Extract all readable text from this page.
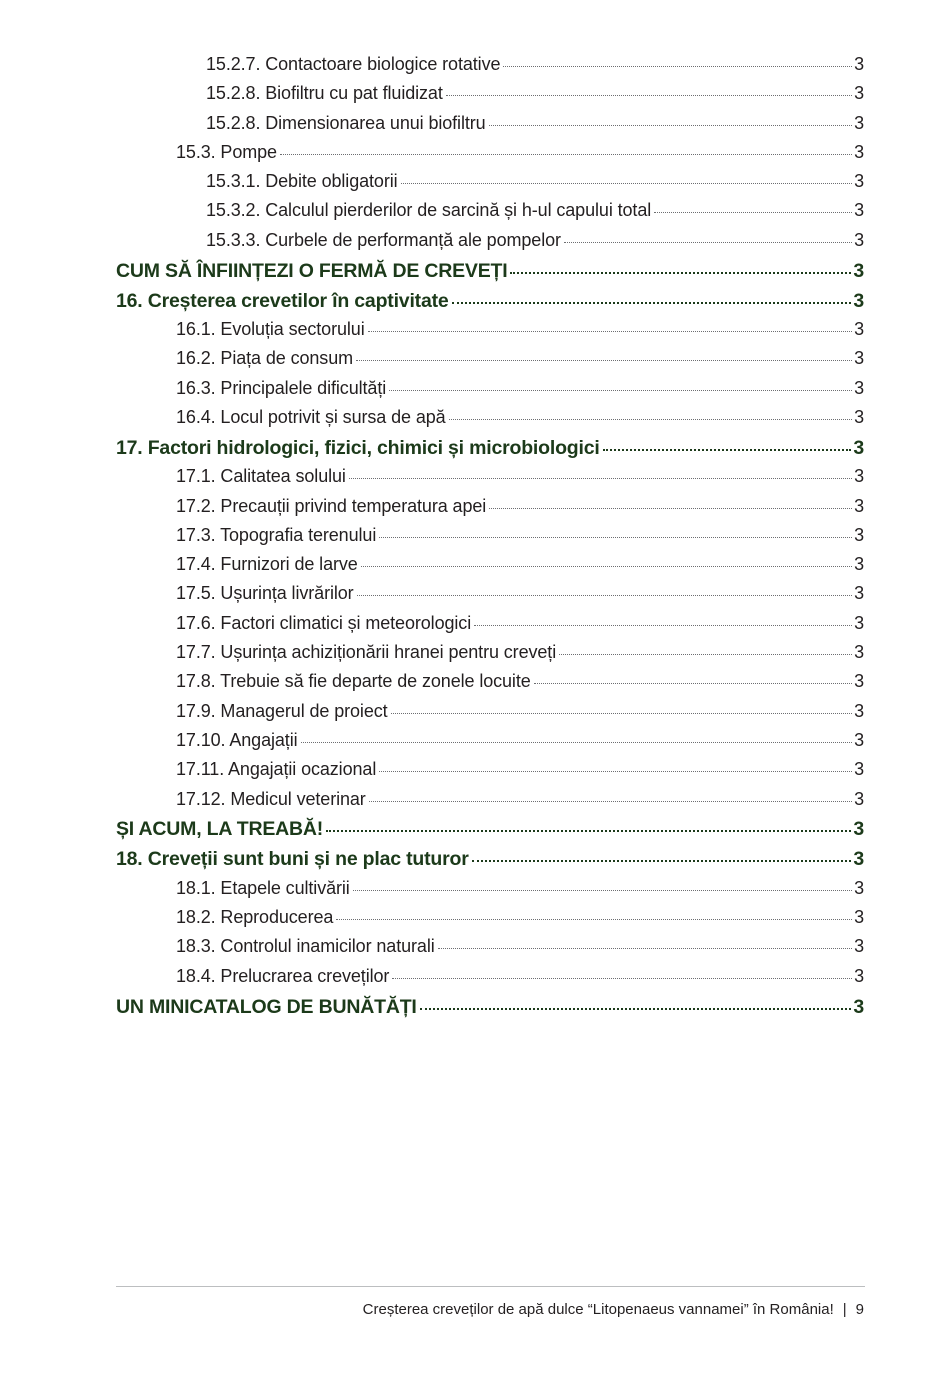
15.2.7. Contactoare biologice rotative	3
15.2.8. Biofiltru cu pat fluidizat	3
15.2.8. Dimensionarea unui biofiltru	3
15.3. Pompe	3
15.3.1. Debite obligatorii	3
15.3.2. Calculul pierderilor de sarcină și h-ul capului total	3
15.3.3. Curbele de performanță ale pompelor	3
CUM SĂ ÎNFIINȚEZI O FERMĂ DE CREVEȚI	3
16. Creșterea crevetilor în captivitate	3
16.1. Evoluția sectorului	3
16.2. Piața de consum	3
16.3. Principalele dificultăți	3
16.4. Locul potrivit și sursa de apă	3
17. Factori hidrologici, fizici, chimici și microbiologici	3
17.1. Calitatea solului	3
17.2. Precauții privind temperatura apei	3
17.3. Topografia terenului	3
17.4. Furnizori de larve	3
17.5. Ușurința livrărilor	3
17.6. Factori climatici și meteorologici	3
17.7. Ușurința achiziționării hranei pentru creveți	3
17.8. Trebuie să fie departe de zonele locuite	3
17.9. Managerul de proiect	3
17.10. Angajații	3
17.11. Angajații ocazional	3
17.12. Medicul veterinar	3
ȘI ACUM, LA TREABĂ!	3
18. Creveții sunt buni și ne plac tuturor	3
18.1. Etapele cultivării	3
18.2. Reproducerea	3
18.3. Controlul inamicilor naturali	3
18.4. Prelucrarea creveților	3
UN MINICATALOG DE BUNĂTĂȚI	3
Creșterea creveților de apă dulce “Litopenaeus vannamei” în România! | 9
